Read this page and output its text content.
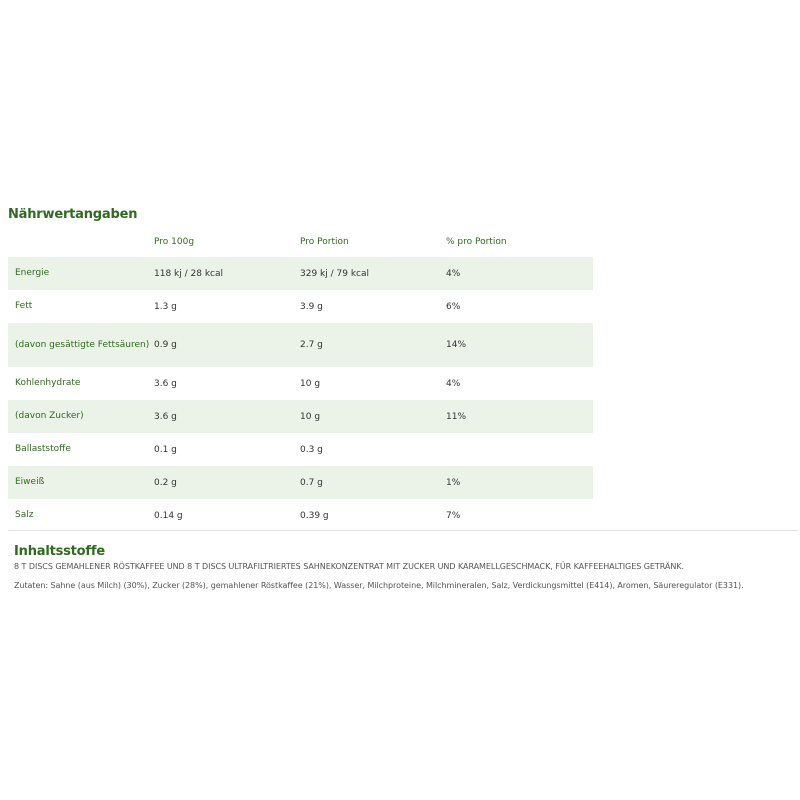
Nährwertangaben
	Pro 100g	Pro Portion	% pro Portion
Energie	118 kj / 28 kcal	329 kj / 79 kcal	4%
Fett	1.3 g	3.9 g	6%
(davon gesättigte Fettsäuren)	0.9 g	2.7 g	14%
Kohlenhydrate	3.6 g	10 g	4%
(davon Zucker)	3.6 g	10 g	11%
Ballaststoffe	0.1 g	0.3 g	
Eiweiß	0.2 g	0.7 g	1%
Salz	0.14 g	0.39 g	7%
Inhaltsstoffe
8 T DISCS GEMAHLENER RÖSTKAFFEE UND 8 T DISCS ULTRAFILTRIERTES SAHNEKONZENTRAT MIT ZUCKER UND KARAMELLGESCHMACK, FÜR KAFFEEHALTIGES GETRÄNK.
Zutaten: Sahne (aus Milch) (30%), Zucker (28%), gemahlener Röstkaffee (21%), Wasser, Milchproteine, Milchmineralen, Salz, Verdickungsmittel (E414), Aromen, Säureregulator (E331).
